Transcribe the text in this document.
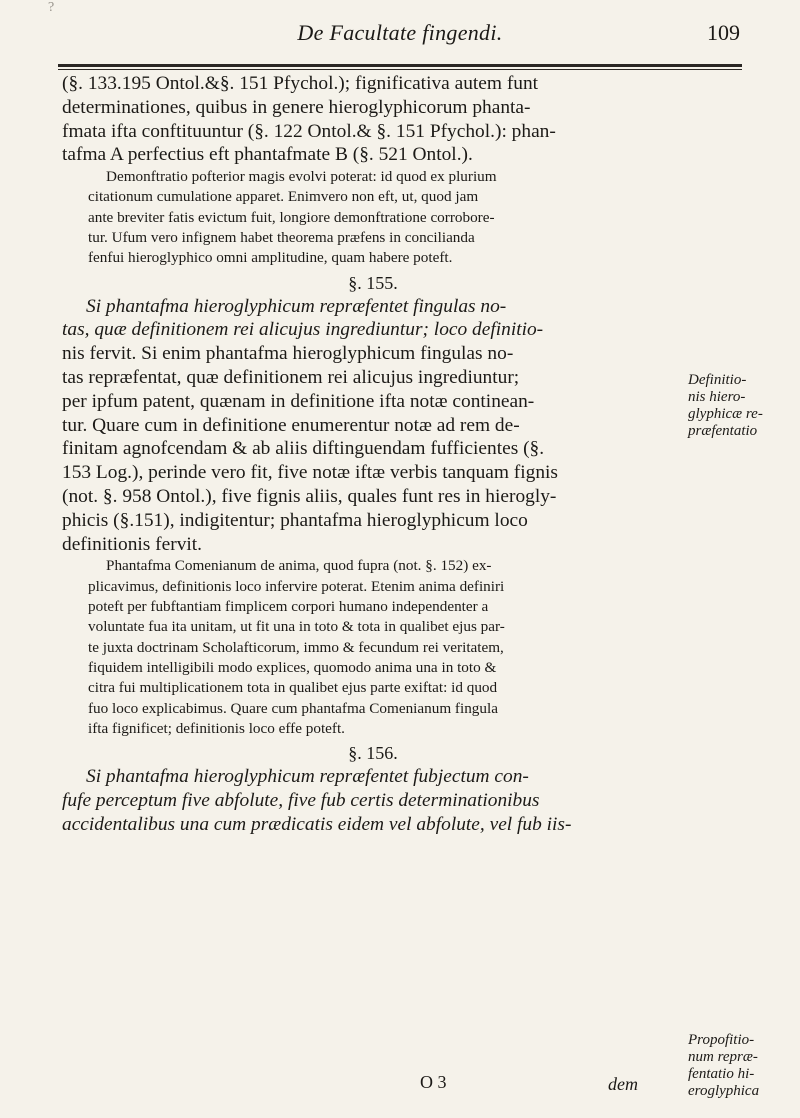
?
De Facultate fingendi.	109
(§. 133.195 Ontol.&§. 151 Pfychol.); fignificativa autem funt
determinationes, quibus in genere hieroglyphicorum phanta-
fmata ifta conftituuntur (§. 122 Ontol.& §. 151 Pfychol.): phan-
tafma A perfectius eft phantafmate B (§. 521 Ontol.).
Demonftratio pofterior magis evolvi poterat: id quod ex plurium
citationum cumulatione apparet. Enimvero non eft, ut, quod jam
ante breviter fatis evictum fuit, longiore demonftratione corrobore-
tur. Ufum vero infignem habet theorema præfens in concilianda
fenfui hieroglyphico omni amplitudine, quam habere poteft.
§. 155.
Si phantafma hieroglyphicum repræfentet fingulas no-
tas, quæ definitionem rei alicujus ingrediuntur; loco definitio-
nis fervit. Si enim phantafma hieroglyphicum fingulas no-
tas repræfentat, quæ definitionem rei alicujus ingrediuntur;
per ipfum patent, quænam in definitione ifta notæ continean-
tur. Quare cum in definitione enumerentur notæ ad rem de-
finitam agnofcendam & ab aliis diftinguendam fufficientes (§.
153 Log.), perinde vero fit, five notæ iftæ verbis tanquam fignis
(not. §. 958 Ontol.), five fignis aliis, quales funt res in hierogly-
phicis (§.151), indigitentur; phantafma hieroglyphicum loco
definitionis fervit.
Phantafma Comenianum de anima, quod fupra (not. §. 152) ex-
plicavimus, definitionis loco infervire poterat. Etenim anima definiri
poteft per fubftantiam fimplicem corpori humano independenter a
voluntate fua ita unitam, ut fit una in toto & tota in qualibet ejus par-
te juxta doctrinam Scholafticorum, immo & fecundum rei veritatem,
fiquidem intelligibili modo explices, quomodo anima una in toto &
citra fui multiplicationem tota in qualibet ejus parte exiftat: id quod
fuo loco explicabimus. Quare cum phantafma Comenianum fingula
ifta fignificet; definitionis loco effe poteft.
§. 156.
Si phantafma hieroglyphicum repræfentet fubjectum con-
fufe perceptum five abfolute, five fub certis determinationibus
accidentalibus una cum prædicatis eidem vel abfolute, vel fub iis-
Definitio-
nis hiero-
glyphicæ re-
præfentatio
Propofitio-
num repræ-
fentatio hi-
eroglyphica
O 3	dem
